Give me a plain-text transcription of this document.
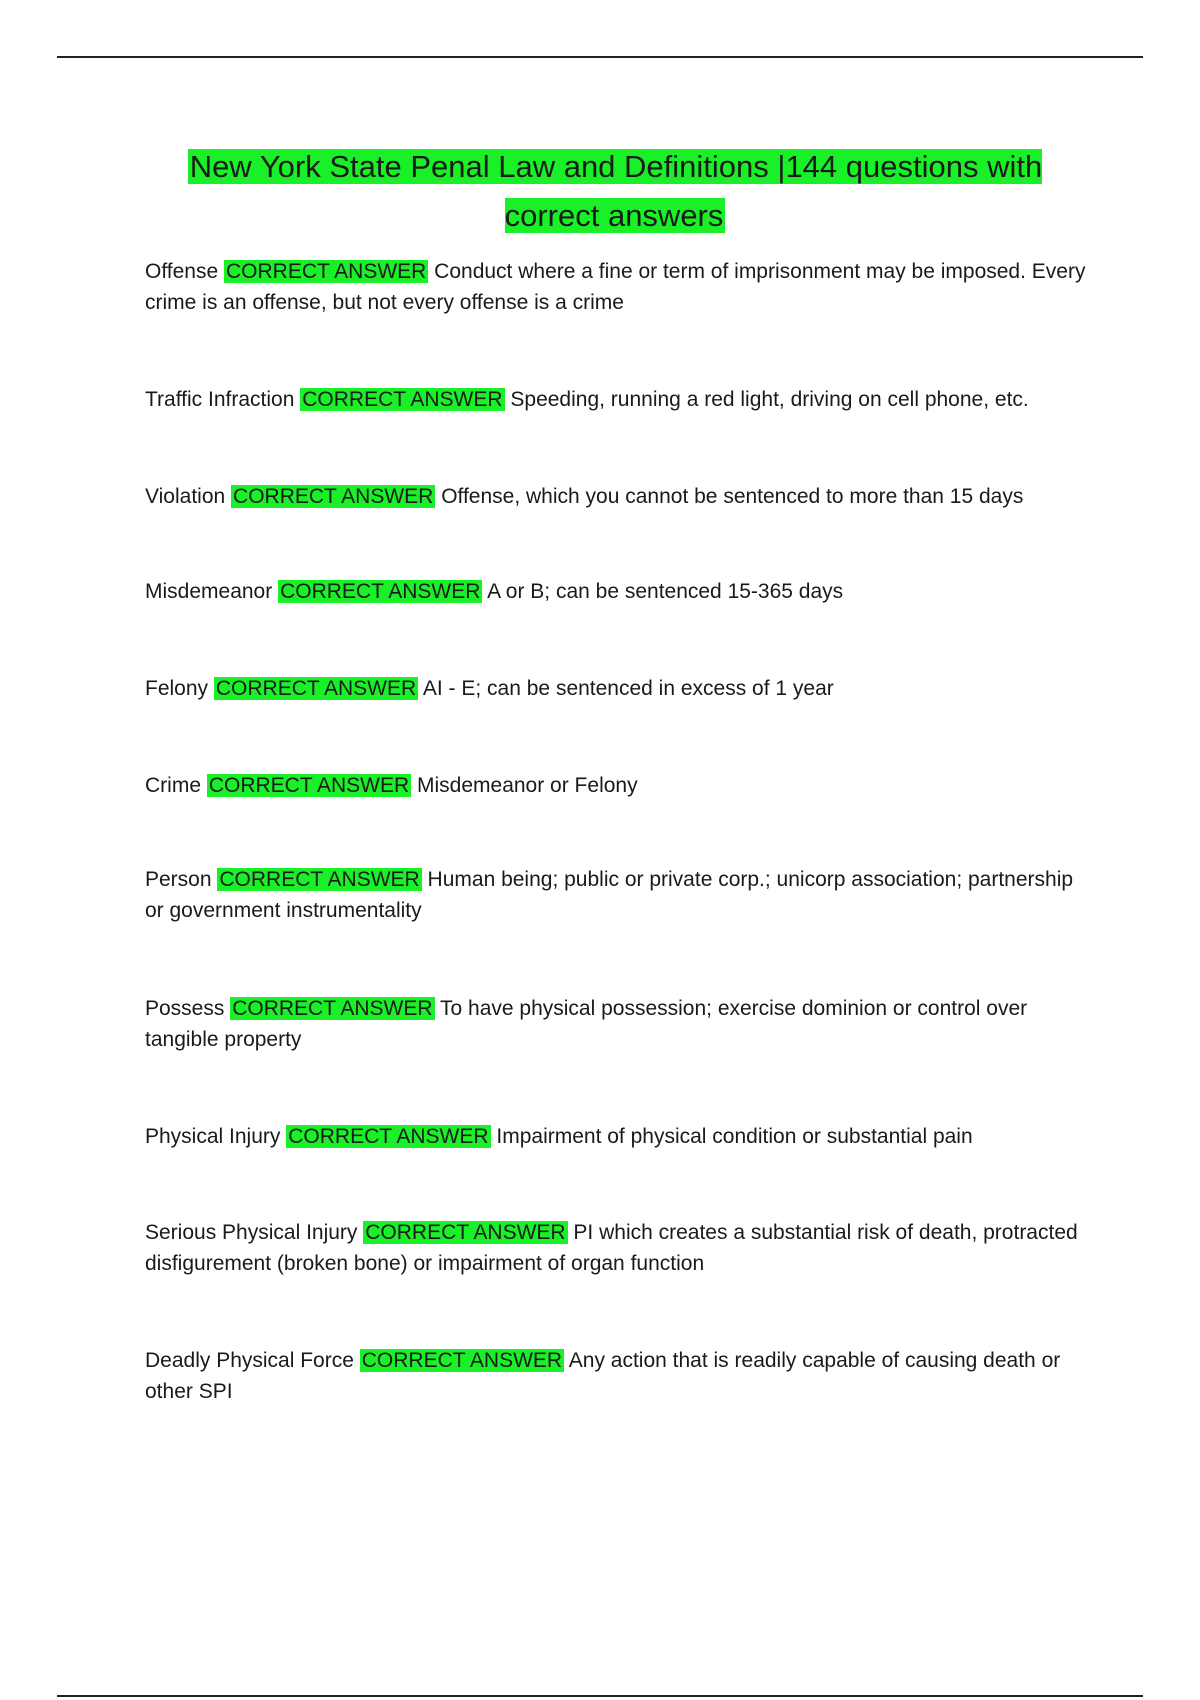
New York State Penal Law and Definitions |144 questions with correct answers

Offense CORRECT ANSWER Conduct where a fine or term of imprisonment may be imposed. Every crime is an offense, but not every offense is a crime

Traffic Infraction CORRECT ANSWER Speeding, running a red light, driving on cell phone, etc.

Violation CORRECT ANSWER Offense, which you cannot be sentenced to more than 15 days

Misdemeanor CORRECT ANSWER A or B; can be sentenced 15-365 days

Felony CORRECT ANSWER AI - E; can be sentenced in excess of 1 year

Crime CORRECT ANSWER Misdemeanor or Felony

Person CORRECT ANSWER Human being; public or private corp.; unicorp association; partnership or government instrumentality

Possess CORRECT ANSWER To have physical possession; exercise dominion or control over tangible property

Physical Injury CORRECT ANSWER Impairment of physical condition or substantial pain

Serious Physical Injury CORRECT ANSWER PI which creates a substantial risk of death, protracted disfigurement (broken bone) or impairment of organ function

Deadly Physical Force CORRECT ANSWER Any action that is readily capable of causing death or other SPI
